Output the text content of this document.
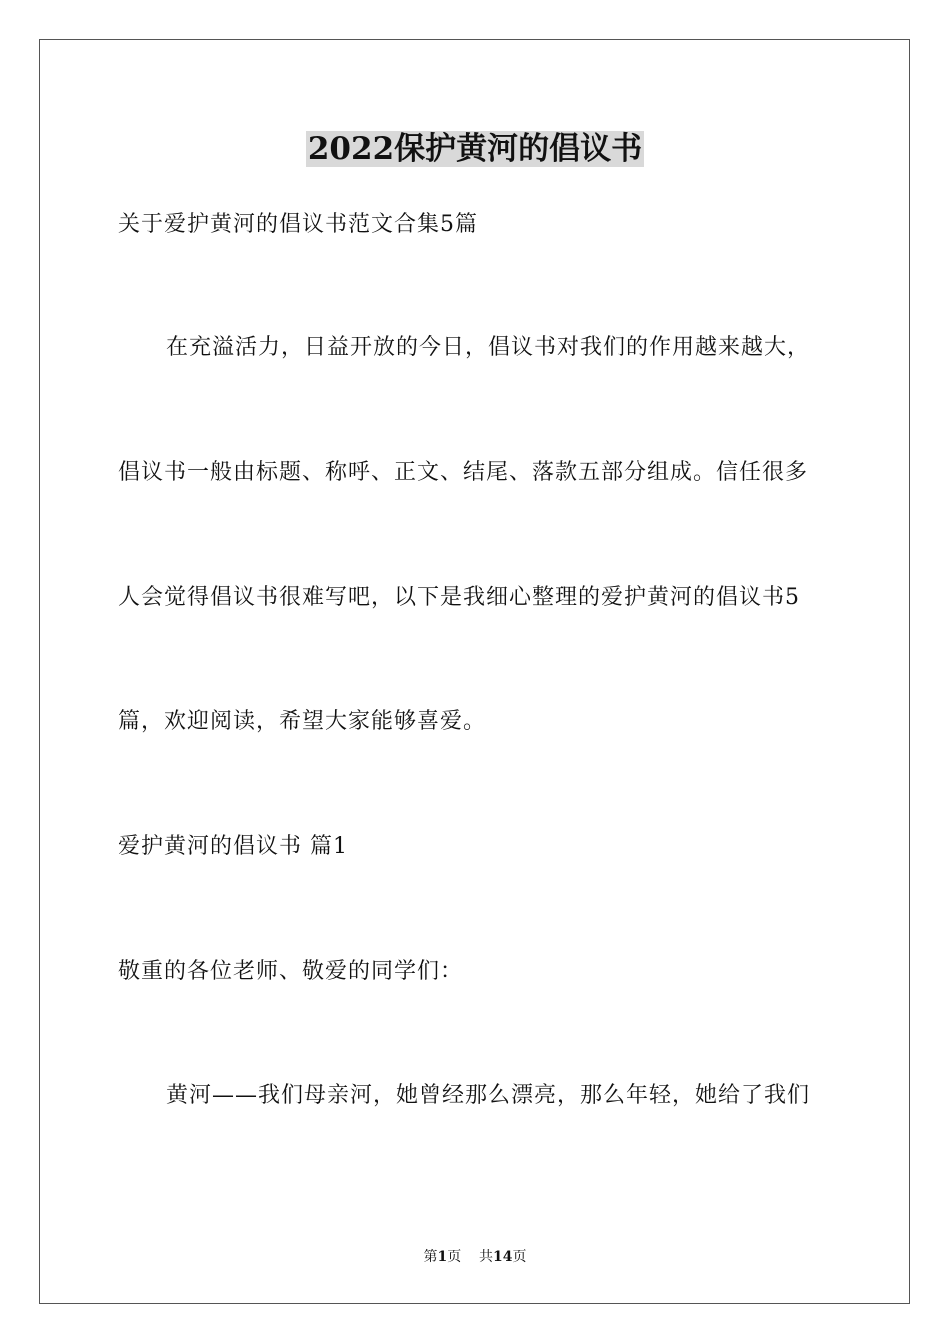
2022保护黄河的倡议书
关于爱护黄河的倡议书范文合集5篇
在充溢活力，日益开放的今日，倡议书对我们的作用越来越大，
倡议书一般由标题、称呼、正文、结尾、落款五部分组成。信任很多
人会觉得倡议书很难写吧，以下是我细心整理的爱护黄河的倡议书5
篇，欢迎阅读，希望大家能够喜爱。
爱护黄河的倡议书 篇1
敬重的各位老师、敬爱的同学们：
黄河——我们母亲河，她曾经那么漂亮，那么年轻，她给了我们
第1页 共14页
